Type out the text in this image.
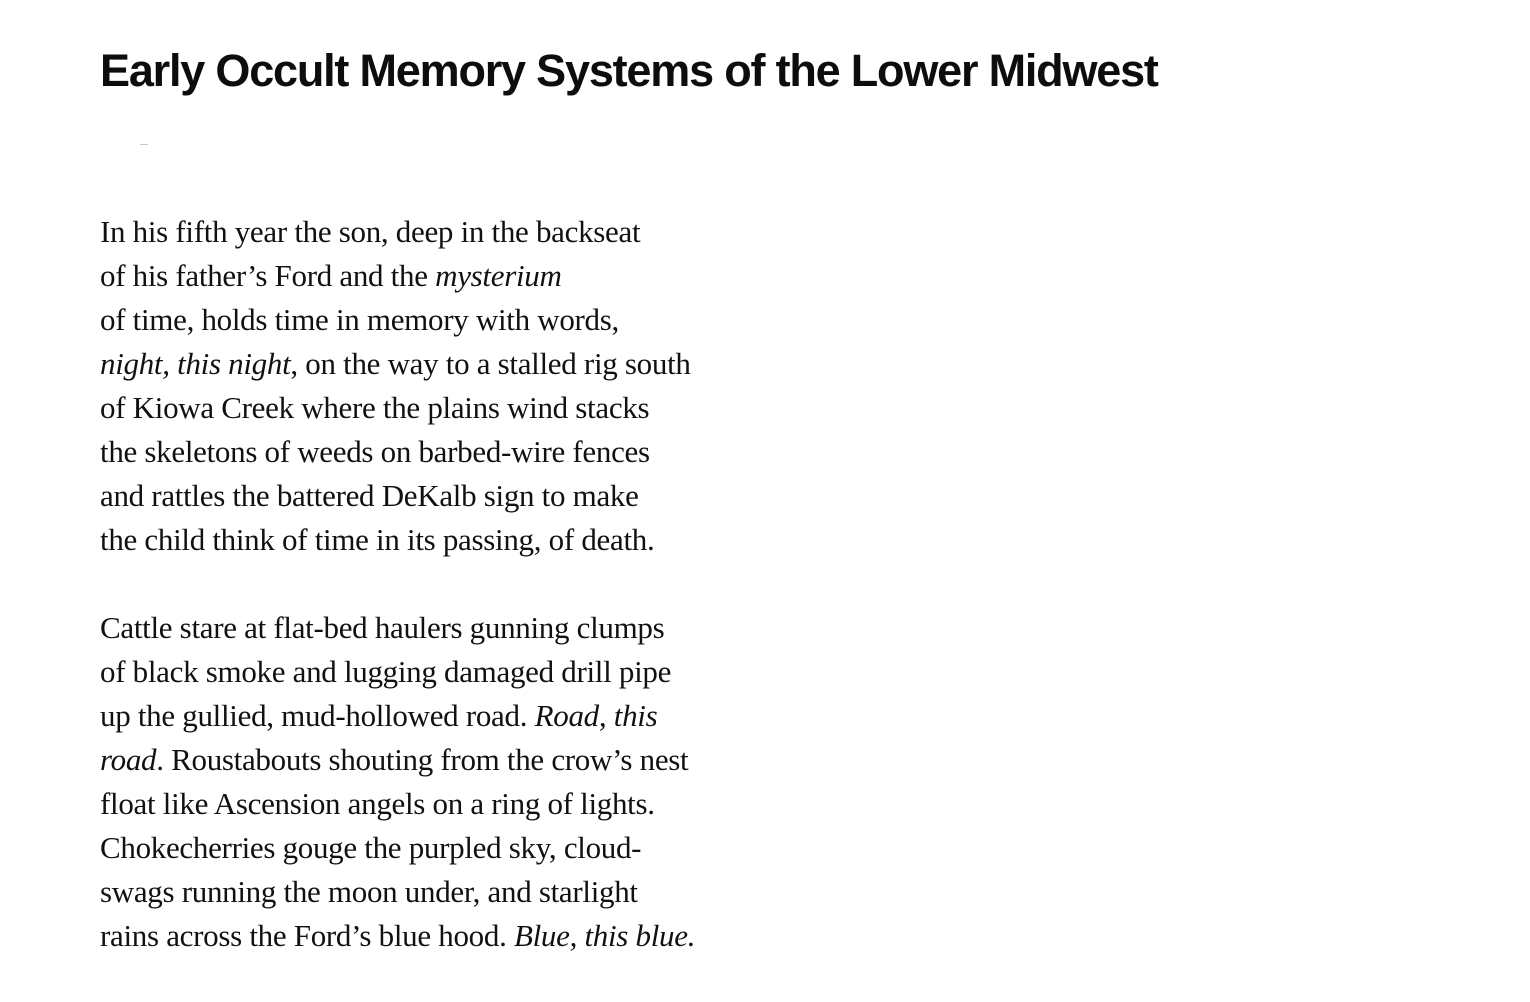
Early Occult Memory Systems of the Lower Midwest
In his fifth year the son, deep in the backseat
of his father’s Ford and the mysterium
of time, holds time in memory with words,
night, this night, on the way to a stalled rig south
of Kiowa Creek where the plains wind stacks
the skeletons of weeds on barbed-wire fences
and rattles the battered DeKalb sign to make
the child think of time in its passing, of death.
Cattle stare at flat-bed haulers gunning clumps
of black smoke and lugging damaged drill pipe
up the gullied, mud-hollowed road. Road, this
road. Roustabouts shouting from the crow’s nest
float like Ascension angels on a ring of lights.
Chokecherries gouge the purpled sky, cloud-
swags running the moon under, and starlight
rains across the Ford’s blue hood. Blue, this blue.
